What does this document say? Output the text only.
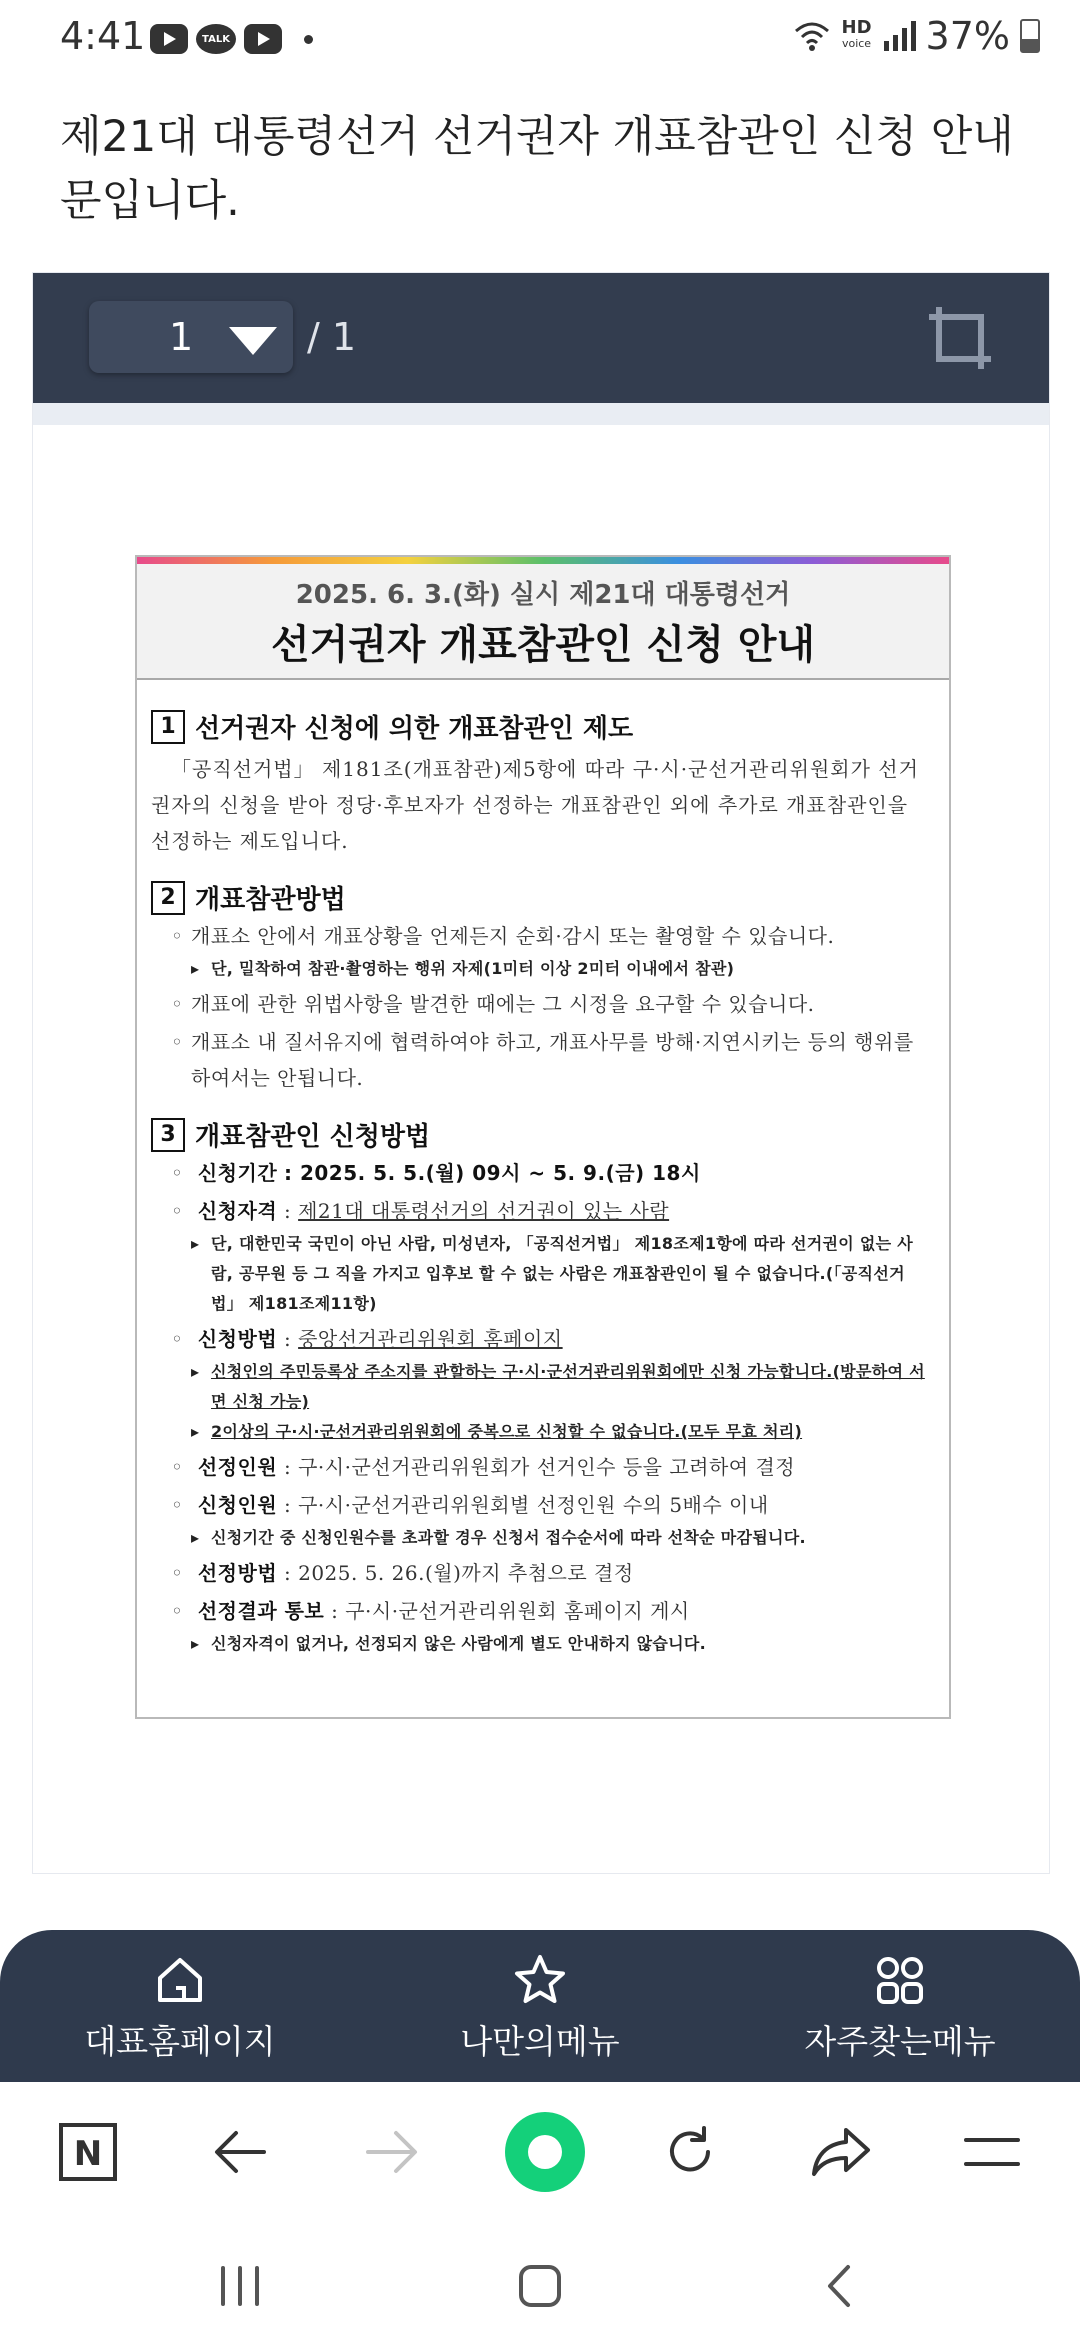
4:41	TALK
HD
voice 37%
제21대 대통령선거 선거권자 개표참관인 신청 안내문입니다.
1	/ 1
2025. 6. 3.(화) 실시 제21대 대통령선거
선거권자 개표참관인 신청 안내
1 선거권자 신청에 의한 개표참관인 제도
「공직선거법」 제181조(개표참관)제5항에 따라 구·시·군선거관리위원회가 선거권자의 신청을 받아 정당·후보자가 선정하는 개표참관인 외에 추가로 개표참관인을 선정하는 제도입니다.
2 개표참관방법
◦ 개표소 안에서 개표상황을 언제든지 순회·감시 또는 촬영할 수 있습니다.
▸ 단, 밀착하여 참관·촬영하는 행위 자제(1미터 이상 2미터 이내에서 참관)
◦ 개표에 관한 위법사항을 발견한 때에는 그 시정을 요구할 수 있습니다.
◦ 개표소 내 질서유지에 협력하여야 하고, 개표사무를 방해·지연시키는 등의 행위를 하여서는 안됩니다.
3 개표참관인 신청방법
◦ 신청기간 : 2025. 5. 5.(월) 09시 ~ 5. 9.(금) 18시
◦ 신청자격 : 제21대 대통령선거의 선거권이 있는 사람
▸ 단, 대한민국 국민이 아닌 사람, 미성년자, 「공직선거법」 제18조제1항에 따라 선거권이 없는 사람, 공무원 등 그 직을 가지고 입후보 할 수 없는 사람은 개표참관인이 될 수 없습니다.(「공직선거법」 제181조제11항)
◦ 신청방법 : 중앙선거관리위원회 홈페이지
▸ 신청인의 주민등록상 주소지를 관할하는 구·시·군선거관리위원회에만 신청 가능합니다.(방문하여 서면 신청 가능)
▸ 2이상의 구·시·군선거관리위원회에 중복으로 신청할 수 없습니다.(모두 무효 처리)
◦ 선정인원 : 구·시·군선거관리위원회가 선거인수 등을 고려하여 결정
◦ 신청인원 : 구·시·군선거관리위원회별 선정인원 수의 5배수 이내
▸ 신청기간 중 신청인원수를 초과할 경우 신청서 접수순서에 따라 선착순 마감됩니다.
◦ 선정방법 : 2025. 5. 26.(월)까지 추첨으로 결정
◦ 선정결과 통보 : 구·시·군선거관리위원회 홈페이지 게시
▸ 신청자격이 없거나, 선정되지 않은 사람에게 별도 안내하지 않습니다.
대표홈페이지	나만의메뉴	자주찾는메뉴
N
